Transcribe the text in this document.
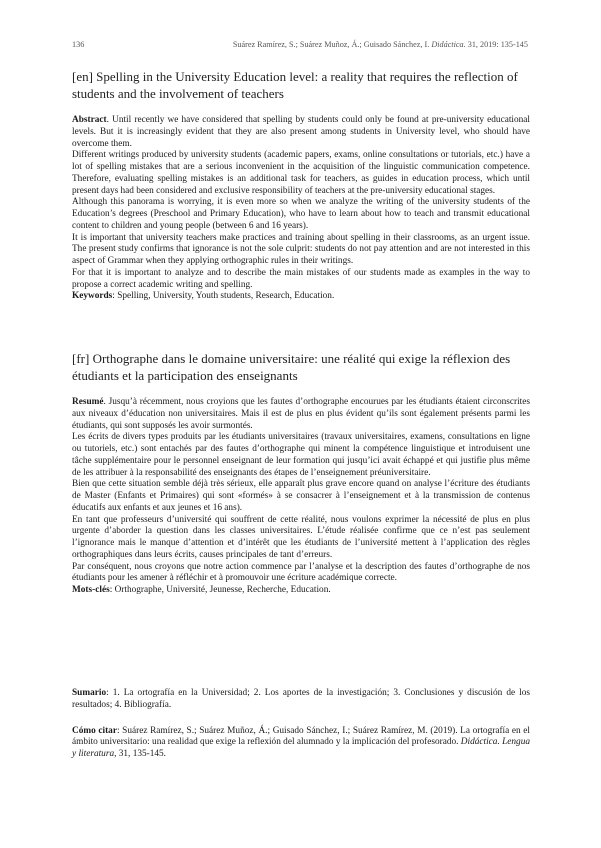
136	Suárez Ramírez, S.; Suárez Muñoz, Á.; Guisado Sánchez, I. Didáctica. 31, 2019: 135-145
[en] Spelling in the University Education level: a reality that requires the reflection of students and the involvement of teachers

Abstract. Until recently we have considered that spelling by students could only be found at pre-university educational levels. But it is increasingly evident that they are also present among students in University level, who should have overcome them.

Different writings produced by university students (academic papers, exams, online consultations or tutorials, etc.) have a lot of spelling mistakes that are a serious inconvenient in the acquisition of the linguistic communication competence. Therefore, evaluating spelling mistakes is an additional task for teachers, as guides in education process, which until present days had been considered and exclusive responsibility of teachers at the pre-university educational stages.

Although this panorama is worrying, it is even more so when we analyze the writing of the university students of the Education’s degrees (Preschool and Primary Education), who have to learn about how to teach and transmit educational content to children and young people (between 6 and 16 years).

It is important that university teachers make practices and training about spelling in their classrooms, as an urgent issue. The present study confirms that ignorance is not the sole culprit: students do not pay attention and are not interested in this aspect of Grammar when they applying orthographic rules in their writings.

For that it is important to analyze and to describe the main mistakes of our students made as examples in the way to propose a correct academic writing and spelling.

Keywords: Spelling, University, Youth students, Research, Education.

[fr] Orthographe dans le domaine universitaire: une réalité qui exige la réflexion des étudiants et la participation des enseignants

Resumé. Jusqu’à récemment, nous croyions que les fautes d’orthographe encourues par les étudiants étaient circonscrites aux niveaux d’éducation non universitaires. Mais il est de plus en plus évident qu’ils sont également présents parmi les étudiants, qui sont supposés les avoir surmontés.

Les écrits de divers types produits par les étudiants universitaires (travaux universitaires, examens, consultations en ligne ou tutoriels, etc.) sont entachés par des fautes d’orthographe qui minent la compétence linguistique et introduisent une tâche supplémentaire pour le personnel enseignant de leur formation qui jusqu’ici avait échappé et qui justifie plus même de les attribuer à la responsabilité des enseignants des étapes de l’enseignement préuniversitaire.

Bien que cette situation semble déjà très sérieux, elle apparaît plus grave encore quand on analyse l’écriture des étudiants de Master (Enfants et Primaires) qui sont «formés» à se consacrer à l’enseignement et à la transmission de contenus éducatifs aux enfants et aux jeunes et 16 ans).

En tant que professeurs d’université qui souffrent de cette réalité, nous voulons exprimer la nécessité de plus en plus urgente d’aborder la question dans les classes universitaires. L’étude réalisée confirme que ce n’est pas seulement l’ignorance mais le manque d’attention et d’intérêt que les étudiants de l’université mettent à l’application des règles orthographiques dans leurs écrits, causes principales de tant d’erreurs.

Par conséquent, nous croyons que notre action commence par l’analyse et la description des fautes d’orthographe de nos étudiants pour les amener à réfléchir et à promouvoir une écriture académique correcte.

Mots-clés: Orthographe, Université, Jeunesse, Recherche, Education.

Sumario: 1. La ortografía en la Universidad; 2. Los aportes de la investigación; 3. Conclusiones y discusión de los resultados; 4. Bibliografía.

Cómo citar: Suárez Ramírez, S.; Suárez Muñoz, Á.; Guisado Sánchez, I.; Suárez Ramírez, M. (2019). La ortografía en el ámbito universitario: una realidad que exige la reflexión del alumnado y la implicación del profesorado. Didáctica. Lengua y literatura, 31, 135-145.
